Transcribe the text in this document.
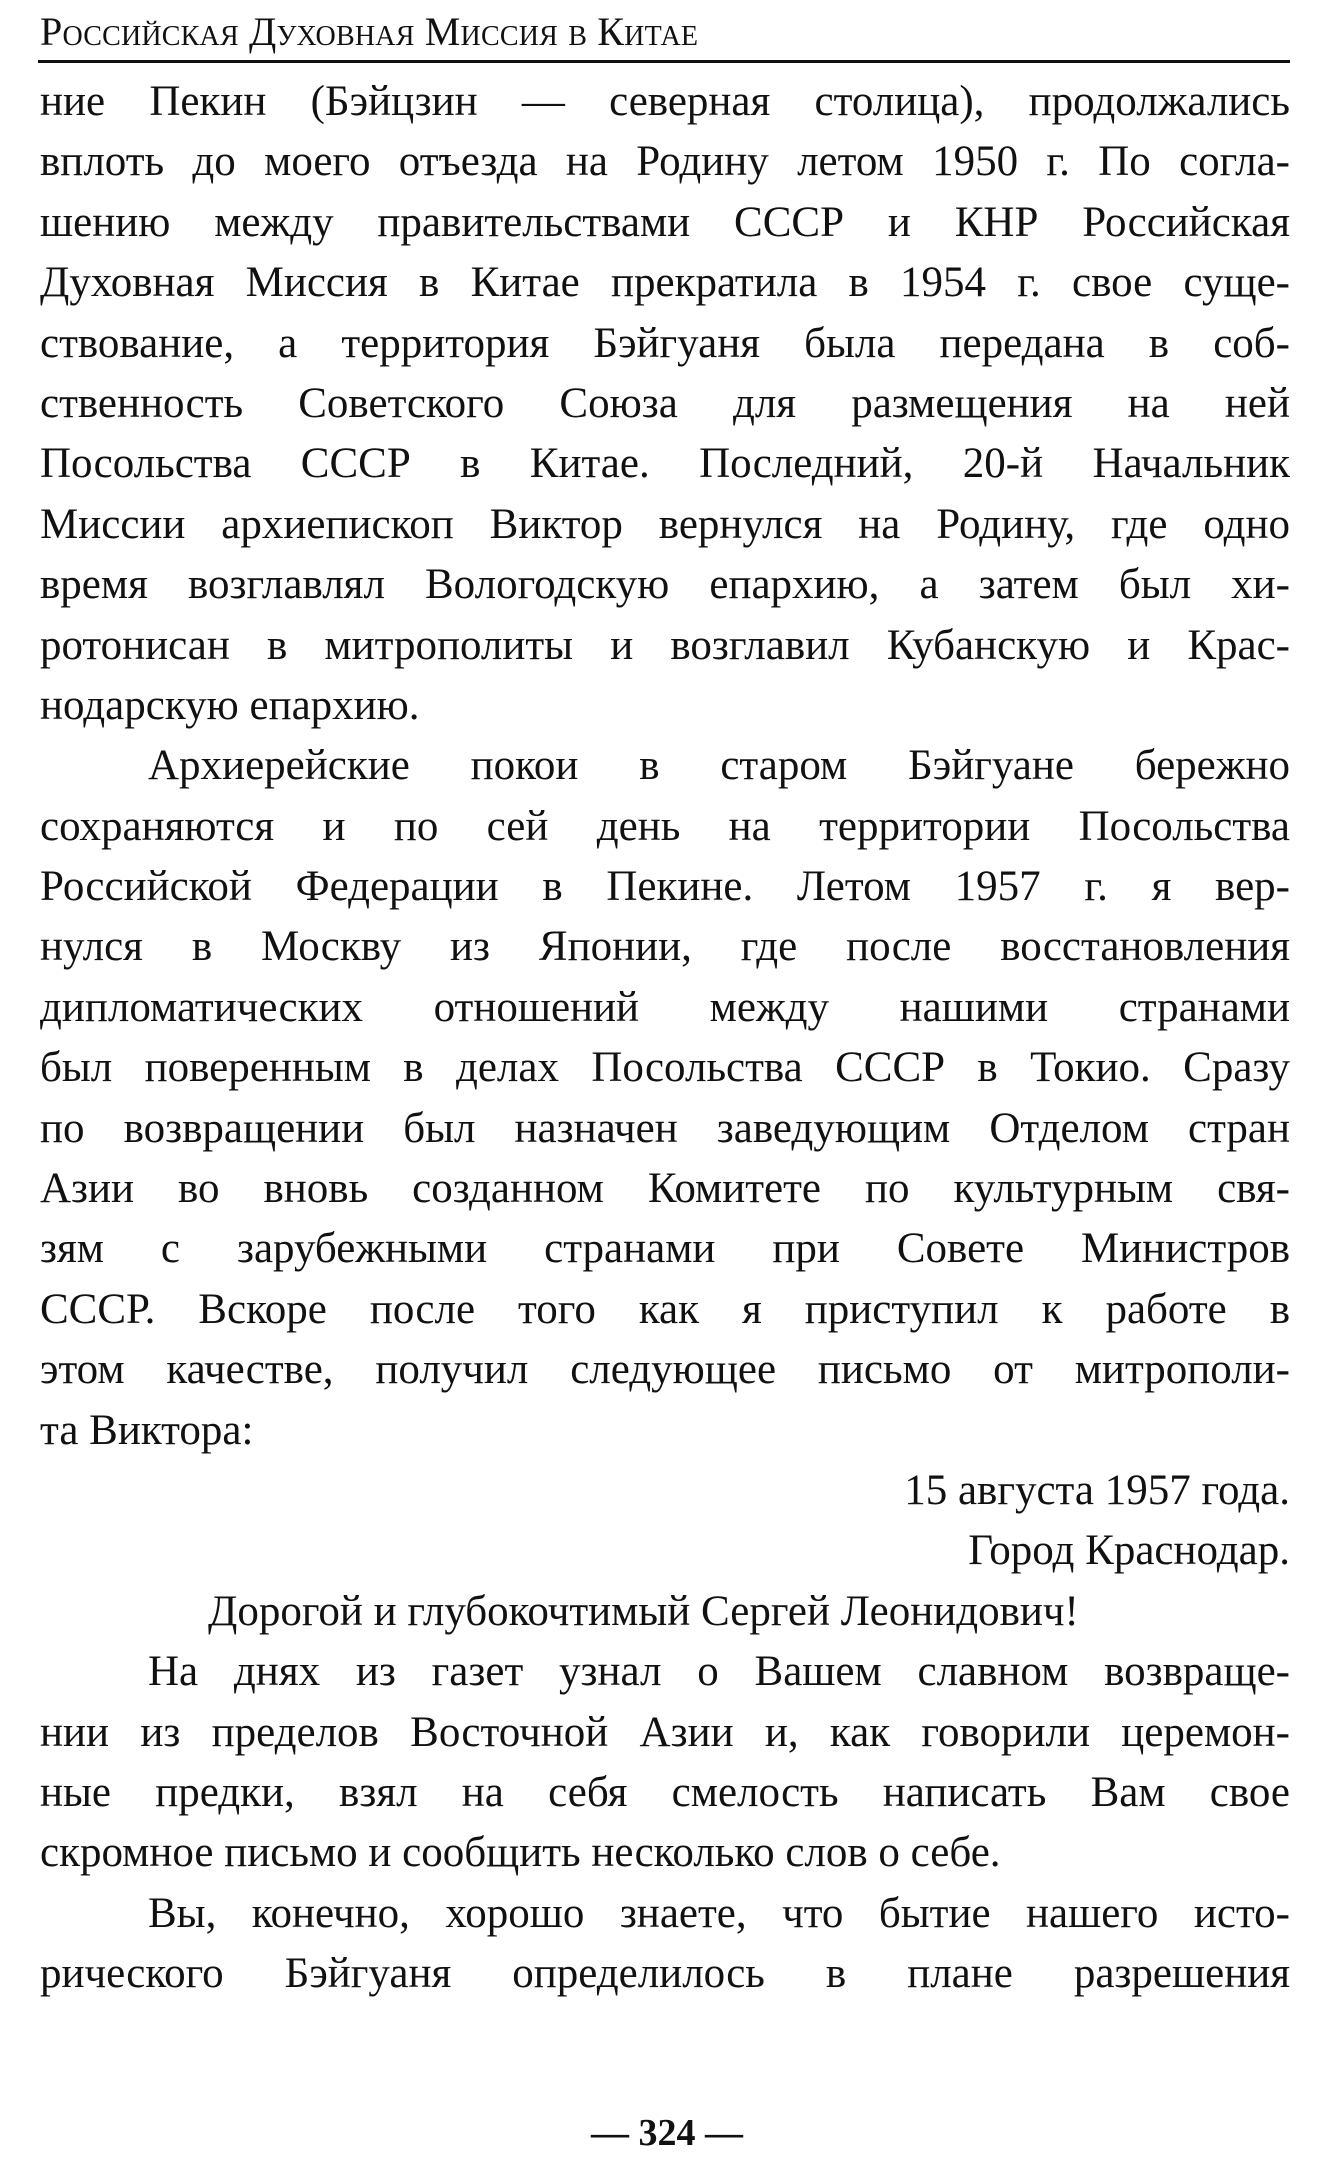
Российская Духовная Миссия в Китае
ние Пекин (Бэйцзин — северная столица), продолжались
вплоть до моего отъезда на Родину летом 1950 г. По согла-
шению между правительствами СССР и КНР Российская
Духовная Миссия в Китае прекратила в 1954 г. свое суще-
ствование, а территория Бэйгуаня была передана в соб-
ственность Советского Союза для размещения на ней
Посольства СССР в Китае. Последний, 20-й Начальник
Миссии архиепископ Виктор вернулся на Родину, где одно
время возглавлял Вологодскую епархию, а затем был хи-
ротонисан в митрополиты и возглавил Кубанскую и Крас-
нодарскую епархию.
Архиерейские покои в старом Бэйгуане бережно
сохраняются и по сей день на территории Посольства
Российской Федерации в Пекине. Летом 1957 г. я вер-
нулся в Москву из Японии, где после восстановления
дипломатических отношений между нашими странами
был поверенным в делах Посольства СССР в Токио. Сразу
по возвращении был назначен заведующим Отделом стран
Азии во вновь созданном Комитете по культурным свя-
зям с зарубежными странами при Совете Министров
СССР. Вскоре после того как я приступил к работе в
этом качестве, получил следующее письмо от митрополи-
та Виктора:
15 августа 1957 года.
Город Краснодар.
Дорогой и глубокочтимый Сергей Леонидович!
На днях из газет узнал о Вашем славном возвраще-
нии из пределов Восточной Азии и, как говорили церемон-
ные предки, взял на себя смелость написать Вам свое
скромное письмо и сообщить несколько слов о себе.
Вы, конечно, хорошо знаете, что бытие нашего исто-
рического Бэйгуаня определилось в плане разрешения
— 324 —
